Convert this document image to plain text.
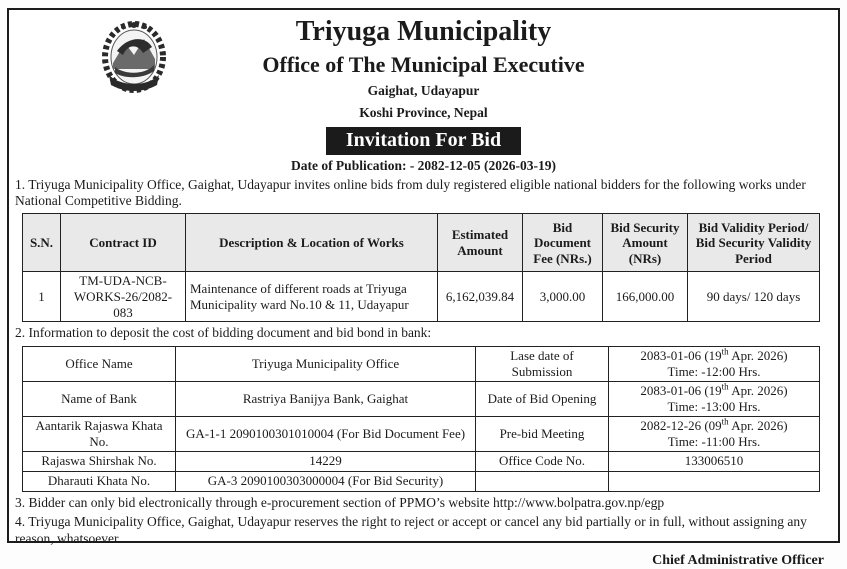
Triyuga Municipality
Office of The Municipal Executive
Gaighat, Udayapur
Koshi Province, Nepal
Invitation For Bid
Date of Publication: - 2082-12-05 (2026-03-19)

1. Triyuga Municipality Office, Gaighat, Udayapur invites online bids from duly registered eligible national bidders for the following works under National Competitive Bidding.

S.N.	Contract ID	Description & Location of Works	Estimated Amount	Bid Document Fee (NRs.)	Bid Security Amount (NRs)	Bid Validity Period/ Bid Security Validity Period
1	TM-UDA-NCB-WORKS-26/2082-083	Maintenance of different roads at Triyuga Municipality ward No.10 & 11, Udayapur	6,162,039.84	3,000.00	166,000.00	90 days/ 120 days

2. Information to deposit the cost of bidding document and bid bond in bank:

Office Name	Triyuga Municipality Office	Lase date of Submission	2083-01-06 (19th Apr. 2026)
Time: -12:00 Hrs.

Name of Bank	Rastriya Banijya Bank, Gaighat	Date of Bid Opening	2083-01-06 (19th Apr. 2026)
Time: -13:00 Hrs.

Aantarik Rajaswa Khata No.	GA-1-1 2090100301010004 (For Bid Document Fee)	Pre-bid Meeting	2082-12-26 (09th Apr. 2026)
Time: -11:00 Hrs.

Rajaswa Shirshak No.	14229	Office Code No.	133006510
Dharauti Khata No.	GA-3 2090100303000004 (For Bid Security)		

3. Bidder can only bid electronically through e-procurement section of PPMO’s website http://www.bolpatra.gov.np/egp

4. Triyuga Municipality Office, Gaighat, Udayapur reserves the right to reject or accept or cancel any bid partially or in full, without assigning any reason, whatsoever.

Chief Administrative Officer
